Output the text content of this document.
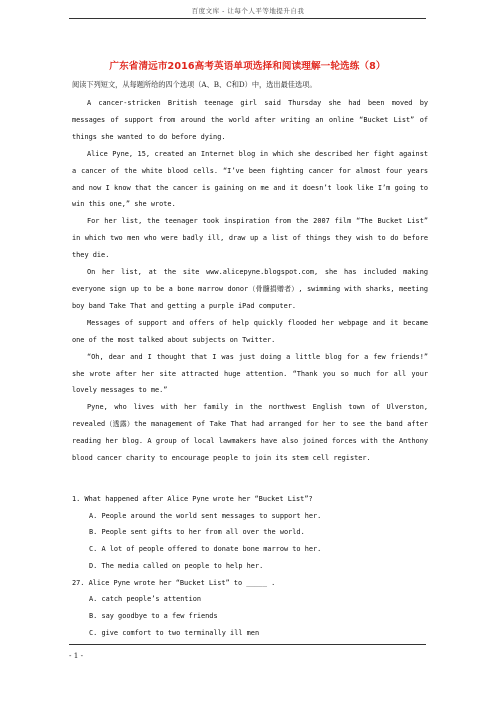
百度文库 - 让每个人平等地提升自我
广东省清远市2016高考英语单项选择和阅读理解一轮选练（8）
阅读下列短文，从每题所给的四个选项（A、B、C和D）中，选出最佳选项。

A cancer-stricken British teenage girl said Thursday she had been moved by messages of support from around the world after writing an online “Bucket List” of things she wanted to do before dying.

Alice Pyne, 15, created an Internet blog in which she described her fight against a cancer of the white blood cells. “I’ve been fighting cancer for almost four years and now I know that the cancer is gaining on me and it doesn’t look like I’m going to win this one,” she wrote.

For her list, the teenager took inspiration from the 2007 film “The Bucket List” in which two men who were badly ill, draw up a list of things they wish to do before they die.

On her list, at the site www.alicepyne.blogspot.com, she has included making everyone sign up to be a bone marrow donor（骨髓捐赠者）, swimming with sharks, meeting boy band Take That and getting a purple iPad computer.

Messages of support and offers of help quickly flooded her webpage and it became one of the most talked about subjects on Twitter.

“Oh, dear and I thought that I was just doing a little blog for a few friends!” she wrote after her site attracted huge attention. “Thank you so much for all your lovely messages to me.”

Pyne, who lives with her family in the northwest English town of Ulverston, revealed（透露）the management of Take That had arranged for her to see the band after reading her blog. A group of local lawmakers have also joined forces with the Anthony blood cancer charity to encourage people to join its stem cell register.

1. What happened after Alice Pyne wrote her “Bucket List”?

A. People around the world sent messages to support her.

B. People sent gifts to her from all over the world.

C. A lot of people offered to donate bone marrow to her.

D. The media called on people to help her.

27. Alice Pyne wrote her “Bucket List” to _____ .

A. catch people’s attention

B. say goodbye to a few friends

C. give comfort to two terminally ill men

- 1 -
